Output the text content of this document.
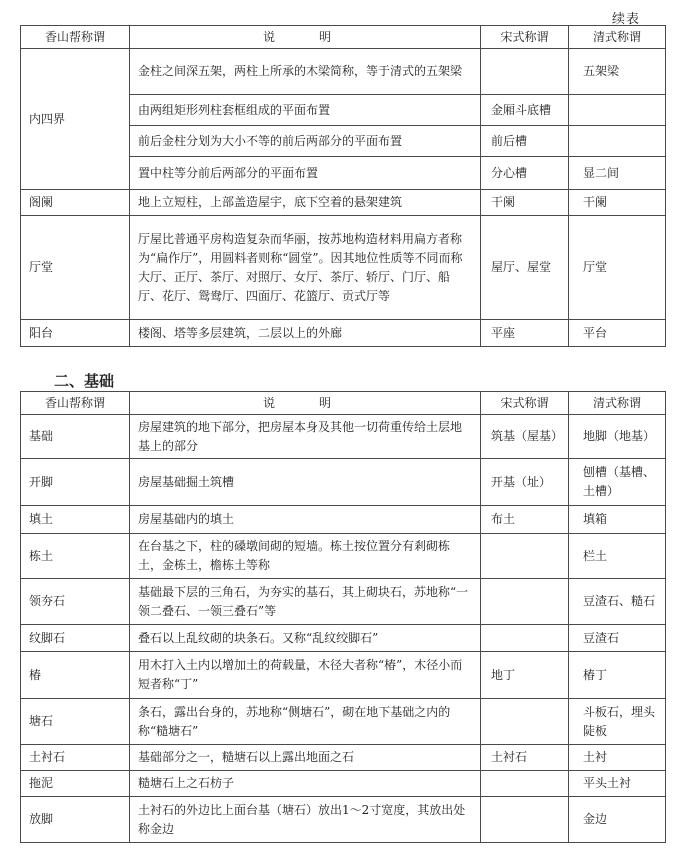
续表
香山帮称谓	说　明	宋式称谓	清式称谓
内四界	金柱之间深五架，两柱上所承的木梁简称，等于清式的五架梁		五架梁
	由两组矩形列柱套框组成的平面布置	金厢斗底槽	
	前后金柱分划为大小不等的前后两部分的平面布置	前后槽	
	置中柱等分前后两部分的平面布置	分心槽	显二间
阁阑	地上立短柱，上部盖造屋宇，底下空着的悬架建筑	干阑	干阑
厅堂	厅屋比普通平房构造复杂而华丽，按苏地构造材料用扁方者称为“扁作厅”，用圆料者则称“圆堂”。因其地位性质等不同而称大厅、正厅、茶厅、对照厅、女厅、茶厅、轿厅、门厅、船厅、花厅、鸳鸯厅、四面厅、花篮厅、贡式厅等	屋厅、屋堂	厅堂
阳台	楼阁、塔等多层建筑，二层以上的外廊	平座	平台
二、基础
香山帮称谓	说　明	宋式称谓	清式称谓
基础	房屋建筑的地下部分，把房屋本身及其他一切荷重传给土层地基上的部分	筑基（屋基）	地脚（地基）
开脚	房屋基础掘土筑槽	开基（址）	刨槽（基槽、土槽）
填土	房屋基础内的填土	布土	填箱
栋土	在台基之下，柱的磉墩间砌的短墙。栋土按位置分有剎砌栋土，金栋土，檐栋土等称		栏土
领夯石	基础最下层的三角石，为夯实的基石，其上砌块石，苏地称“一领二叠石、一领三叠石”等		豆渣石、糙石
纹脚石	叠石以上乱纹砌的块条石。又称“乱纹绞脚石”		豆渣石
椿	用木打入土内以增加土的荷载量，木径大者称“椿”，木径小而短者称“丁”	地丁	椿丁
塘石	条石，露出台身的，苏地称“侧塘石”，砌在地下基础之内的称“糙塘石”		斗板石，埋头陡板
土衬石	基础部分之一，糙塘石以上露出地面之石	土衬石	土衬
拖泥	糙塘石上之石枋子		平头土衬
放脚	土衬石的外边比上面台基（塘石）放出1～2寸宽度，其放出处称金边		金边
